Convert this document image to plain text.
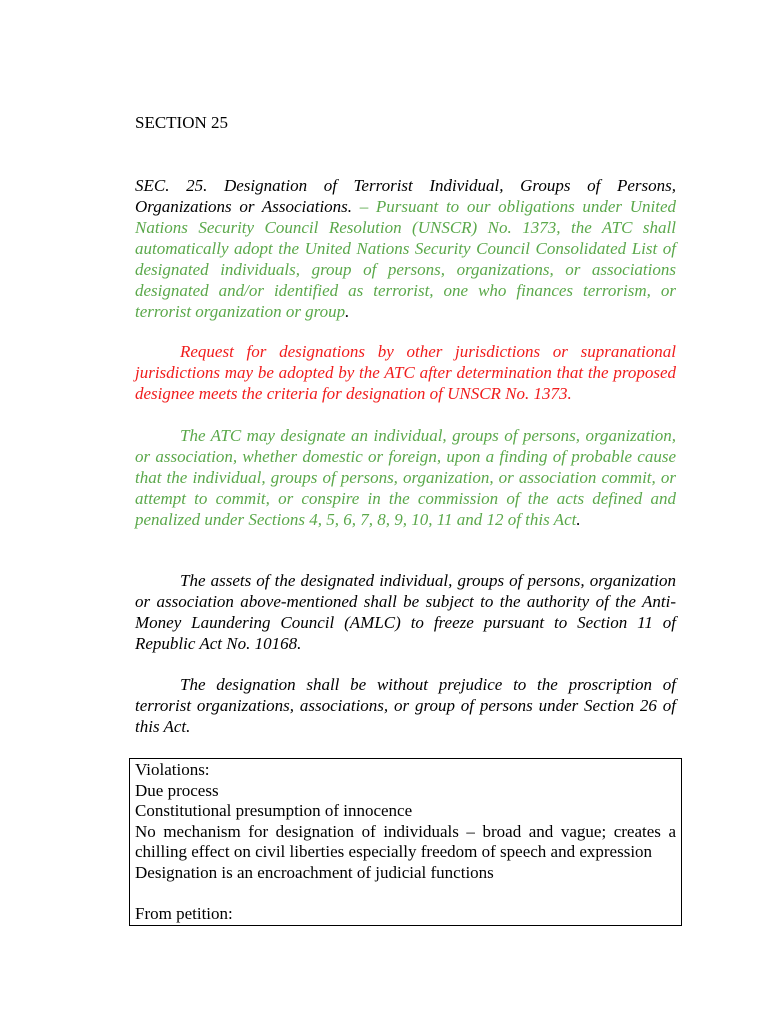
SECTION 25

SEC. 25. Designation of Terrorist Individual, Groups of Persons, Organizations or Associations. – Pursuant to our obligations under United Nations Security Council Resolution (UNSCR) No. 1373, the ATC shall automatically adopt the United Nations Security Council Consolidated List of designated individuals, group of persons, organizations, or associations designated and/or identified as terrorist, one who finances terrorism, or terrorist organization or group.

Request for designations by other jurisdictions or supranational jurisdictions may be adopted by the ATC after determination that the proposed designee meets the criteria for designation of UNSCR No. 1373.

The ATC may designate an individual, groups of persons, organization, or association, whether domestic or foreign, upon a finding of probable cause that the individual, groups of persons, organization, or association commit, or attempt to commit, or conspire in the commission of the acts defined and penalized under Sections 4, 5, 6, 7, 8, 9, 10, 11 and 12 of this Act.

The assets of the designated individual, groups of persons, organization or association above-mentioned shall be subject to the authority of the Anti-Money Laundering Council (AMLC) to freeze pursuant to Section 11 of Republic Act No. 10168.

The designation shall be without prejudice to the proscription of terrorist organizations, associations, or group of persons under Section 26 of this Act.

Violations:
Due process
Constitutional presumption of innocence
No mechanism for designation of individuals – broad and vague; creates a chilling effect on civil liberties especially freedom of speech and expression
Designation is an encroachment of judicial functions
From petition:
